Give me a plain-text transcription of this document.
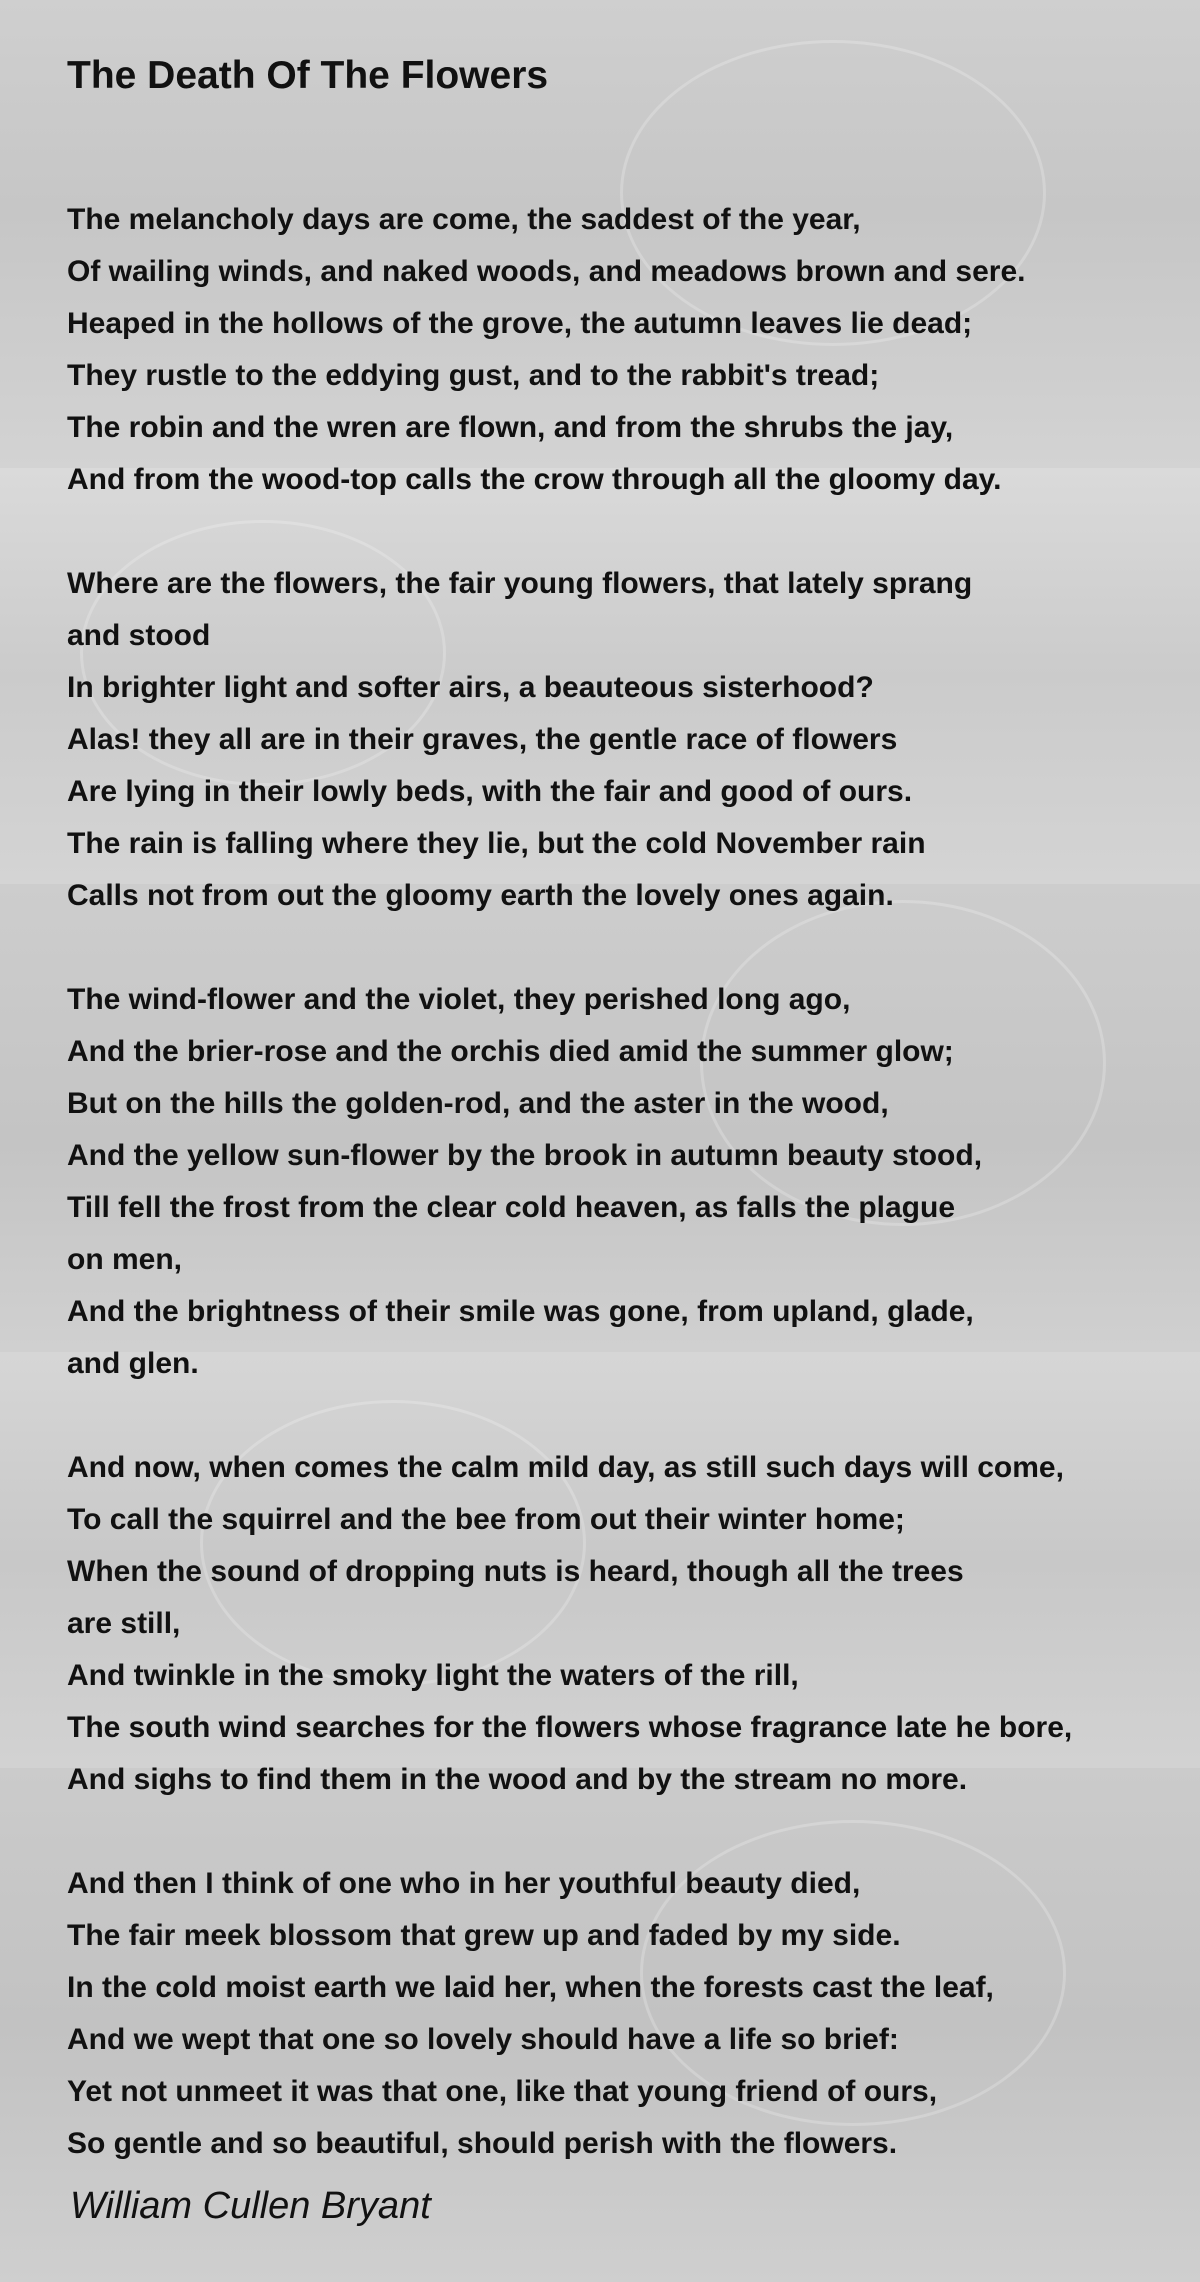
The Death Of The Flowers
The melancholy days are come, the saddest of the year,
Of wailing winds, and naked woods, and meadows brown and sere.
Heaped in the hollows of the grove, the autumn leaves lie dead;
They rustle to the eddying gust, and to the rabbit's tread;
The robin and the wren are flown, and from the shrubs the jay,
And from the wood-top calls the crow through all the gloomy day.
Where are the flowers, the fair young flowers, that lately sprang
and stood
In brighter light and softer airs, a beauteous sisterhood?
Alas! they all are in their graves, the gentle race of flowers
Are lying in their lowly beds, with the fair and good of ours.
The rain is falling where they lie, but the cold November rain
Calls not from out the gloomy earth the lovely ones again.
The wind-flower and the violet, they perished long ago,
And the brier-rose and the orchis died amid the summer glow;
But on the hills the golden-rod, and the aster in the wood,
And the yellow sun-flower by the brook in autumn beauty stood,
Till fell the frost from the clear cold heaven, as falls the plague
on men,
And the brightness of their smile was gone, from upland, glade,
and glen.
And now, when comes the calm mild day, as still such days will come,
To call the squirrel and the bee from out their winter home;
When the sound of dropping nuts is heard, though all the trees
are still,
And twinkle in the smoky light the waters of the rill,
The south wind searches for the flowers whose fragrance late he bore,
And sighs to find them in the wood and by the stream no more.
And then I think of one who in her youthful beauty died,
The fair meek blossom that grew up and faded by my side.
In the cold moist earth we laid her, when the forests cast the leaf,
And we wept that one so lovely should have a life so brief:
Yet not unmeet it was that one, like that young friend of ours,
So gentle and so beautiful, should perish with the flowers.
William Cullen Bryant
